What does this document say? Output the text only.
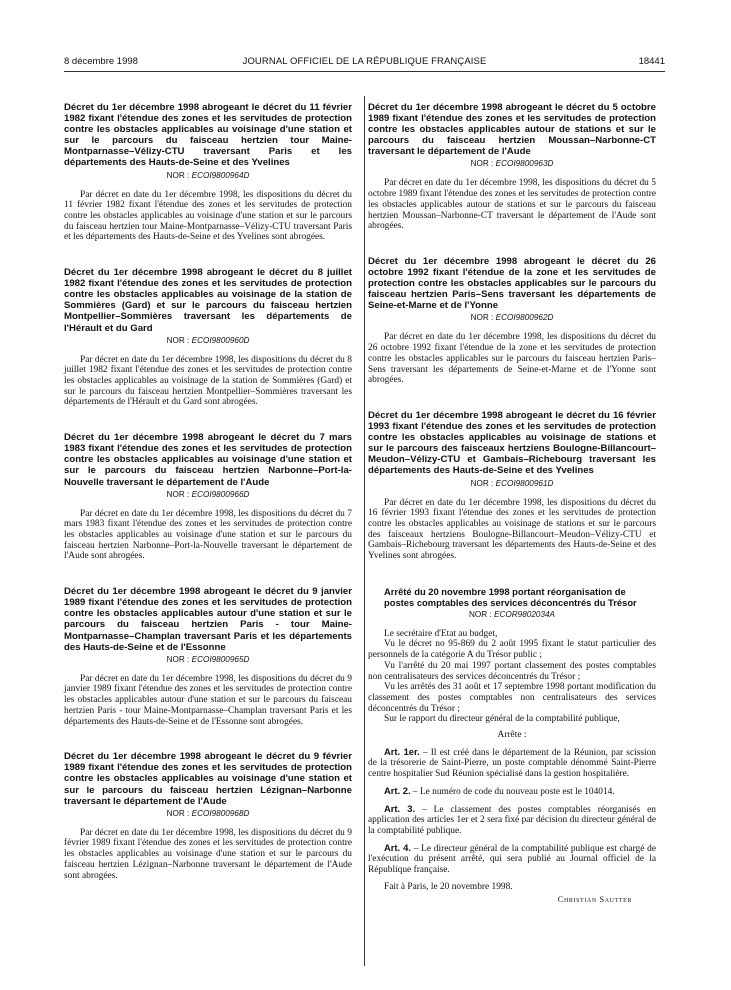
8 décembre 1998	JOURNAL OFFICIEL DE LA RÉPUBLIQUE FRANÇAISE	18441

Décret du 1er décembre 1998 abrogeant le décret du 11 février 1982 fixant l'étendue des zones et les servitudes de protection contre les obstacles applicables au voisinage d'une station et sur le parcours du faisceau hertzien tour Maine-Montparnasse–Vélizy-CTU traversant Paris et les départements des Hauts-de-Seine et des Yvelines

NOR : ECOI9800964D

Par décret en date du 1er décembre 1998, les dispositions du décret du 11 février 1982 fixant l'étendue des zones et les servitudes de protection contre les obstacles applicables au voisinage d'une station et sur le parcours du faisceau hertzien tour Maine-Montparnasse–Vélizy-CTU traversant Paris et les départements des Hauts-de-Seine et des Yvelines sont abrogées.

Décret du 1er décembre 1998 abrogeant le décret du 8 juillet 1982 fixant l'étendue des zones et les servitudes de protection contre les obstacles applicables au voisinage de la station de Sommières (Gard) et sur le parcours du faisceau hertzien Montpellier–Sommières traversant les départements de l'Hérault et du Gard

NOR : ECOI9800960D

Par décret en date du 1er décembre 1998, les dispositions du décret du 8 juillet 1982 fixant l'étendue des zones et les servitudes de protection contre les obstacles applicables au voisinage de la station de Sommières (Gard) et sur le parcours du faisceau hertzien Montpellier–Sommières traversant les départements de l'Hérault et du Gard sont abrogées.

Décret du 1er décembre 1998 abrogeant le décret du 7 mars 1983 fixant l'étendue des zones et les servitudes de protection contre les obstacles applicables au voisinage d'une station et sur le parcours du faisceau hertzien Narbonne–Port-la-Nouvelle traversant le département de l'Aude

NOR : ECOI9800966D

Par décret en date du 1er décembre 1998, les dispositions du décret du 7 mars 1983 fixant l'étendue des zones et les servitudes de protection contre les obstacles applicables au voisinage d'une station et sur le parcours du faisceau hertzien Narbonne–Port-la-Nouvelle traversant le département de l'Aude sont abrogées.

Décret du 1er décembre 1998 abrogeant le décret du 9 janvier 1989 fixant l'étendue des zones et les servitudes de protection contre les obstacles applicables autour d'une station et sur le parcours du faisceau hertzien Paris - tour Maine-Montparnasse–Champlan traversant Paris et les départements des Hauts-de-Seine et de l'Essonne

NOR : ECOI9800965D

Par décret en date du 1er décembre 1998, les dispositions du décret du 9 janvier 1989 fixant l'étendue des zones et les servitudes de protection contre les obstacles applicables autour d'une station et sur le parcours du faisceau hertzien Paris - tour Maine-Montparnasse–Champlan traversant Paris et les départements des Hauts-de-Seine et de l'Essonne sont abrogées.

Décret du 1er décembre 1998 abrogeant le décret du 9 février 1989 fixant l'étendue des zones et les servitudes de protection contre les obstacles applicables au voisinage d'une station et sur le parcours du faisceau hertzien Lézignan–Narbonne traversant le département de l'Aude

NOR : ECOI9800968D

Par décret en date du 1er décembre 1998, les dispositions du décret du 9 février 1989 fixant l'étendue des zones et les servitudes de protection contre les obstacles applicables au voisinage d'une station et sur le parcours du faisceau hertzien Lézignan–Narbonne traversant le département de l'Aude sont abrogées.

Décret du 1er décembre 1998 abrogeant le décret du 5 octobre 1989 fixant l'étendue des zones et les servitudes de protection contre les obstacles applicables autour de stations et sur le parcours du faisceau hertzien Moussan–Narbonne-CT traversant le département de l'Aude

NOR : ECOI9800963D

Par décret en date du 1er décembre 1998, les dispositions du décret du 5 octobre 1989 fixant l'étendue des zones et les servitudes de protection contre les obstacles applicables autour de stations et sur le parcours du faisceau hertzien Moussan–Narbonne-CT traversant le département de l'Aude sont abrogées.

Décret du 1er décembre 1998 abrogeant le décret du 26 octobre 1992 fixant l'étendue de la zone et les servitudes de protection contre les obstacles applicables sur le parcours du faisceau hertzien Paris–Sens traversant les départements de Seine-et-Marne et de l'Yonne

NOR : ECOI9800962D

Par décret en date du 1er décembre 1998, les dispositions du décret du 26 octobre 1992 fixant l'étendue de la zone et les servitudes de protection contre les obstacles applicables sur le parcours du faisceau hertzien Paris–Sens traversant les départements de Seine-et-Marne et de l'Yonne sont abrogées.

Décret du 1er décembre 1998 abrogeant le décret du 16 février 1993 fixant l'étendue des zones et les servitudes de protection contre les obstacles applicables au voisinage de stations et sur le parcours des faisceaux hertziens Boulogne-Billancourt–Meudon–Vélizy-CTU et Gambais–Richebourg traversant les départements des Hauts-de-Seine et des Yvelines

NOR : ECOI9800961D

Par décret en date du 1er décembre 1998, les dispositions du décret du 16 février 1993 fixant l'étendue des zones et les servitudes de protection contre les obstacles applicables au voisinage de stations et sur le parcours des faisceaux hertziens Boulogne-Billancourt–Meudon–Vélizy-CTU et Gambais–Richebourg traversant les départements des Hauts-de-Seine et des Yvelines sont abrogées.

Arrêté du 20 novembre 1998 portant réorganisation de postes comptables des services déconcentrés du Trésor

NOR : ECOR9802034A

Le secrétaire d'Etat au budget,

Vu le décret no 95-869 du 2 août 1995 fixant le statut particulier des personnels de la catégorie A du Trésor public ;

Vu l'arrêté du 20 mai 1997 portant classement des postes comptables non centralisateurs des services déconcentrés du Trésor ;

Vu les arrêtés des 31 août et 17 septembre 1998 portant modification du classement des postes comptables non centralisateurs des services déconcentrés du Trésor ;

Sur le rapport du directeur général de la comptabilité publique,

Arrête :

Art. 1er. – Il est créé dans le département de la Réunion, par scission de la trésorerie de Saint-Pierre, un poste comptable dénommé Saint-Pierre centre hospitalier Sud Réunion spécialisé dans la gestion hospitalière.

Art. 2. – Le numéro de code du nouveau poste est le 104014.

Art. 3. – Le classement des postes comptables réorganisés en application des articles 1er et 2 sera fixé par décision du directeur général de la comptabilité publique.

Art. 4. – Le directeur général de la comptabilité publique est chargé de l'exécution du présent arrêté, qui sera publié au Journal officiel de la République française.

Fait à Paris, le 20 novembre 1998.

Christian Sautter
